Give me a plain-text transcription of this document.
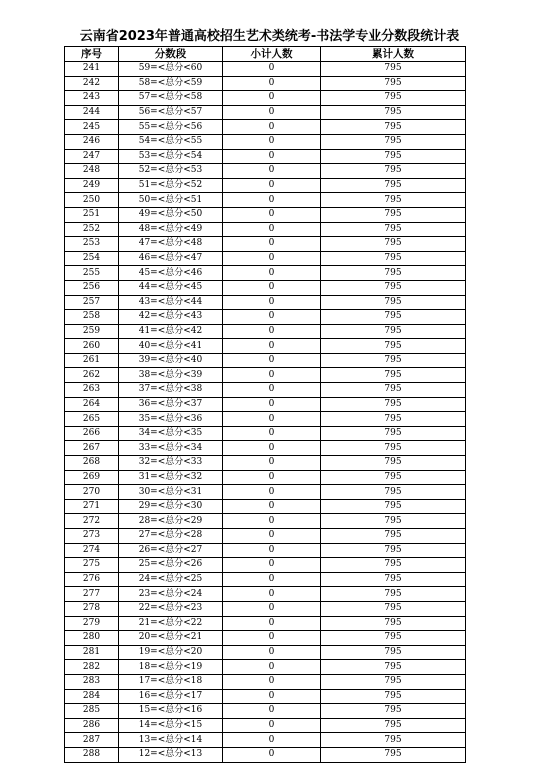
云南省2023年普通高校招生艺术类统考-书法学专业分数段统计表
序号	分数段	小计人数	累计人数
241	59=<总分<60	0	795
242	58=<总分<59	0	795
243	57=<总分<58	0	795
244	56=<总分<57	0	795
245	55=<总分<56	0	795
246	54=<总分<55	0	795
247	53=<总分<54	0	795
248	52=<总分<53	0	795
249	51=<总分<52	0	795
250	50=<总分<51	0	795
251	49=<总分<50	0	795
252	48=<总分<49	0	795
253	47=<总分<48	0	795
254	46=<总分<47	0	795
255	45=<总分<46	0	795
256	44=<总分<45	0	795
257	43=<总分<44	0	795
258	42=<总分<43	0	795
259	41=<总分<42	0	795
260	40=<总分<41	0	795
261	39=<总分<40	0	795
262	38=<总分<39	0	795
263	37=<总分<38	0	795
264	36=<总分<37	0	795
265	35=<总分<36	0	795
266	34=<总分<35	0	795
267	33=<总分<34	0	795
268	32=<总分<33	0	795
269	31=<总分<32	0	795
270	30=<总分<31	0	795
271	29=<总分<30	0	795
272	28=<总分<29	0	795
273	27=<总分<28	0	795
274	26=<总分<27	0	795
275	25=<总分<26	0	795
276	24=<总分<25	0	795
277	23=<总分<24	0	795
278	22=<总分<23	0	795
279	21=<总分<22	0	795
280	20=<总分<21	0	795
281	19=<总分<20	0	795
282	18=<总分<19	0	795
283	17=<总分<18	0	795
284	16=<总分<17	0	795
285	15=<总分<16	0	795
286	14=<总分<15	0	795
287	13=<总分<14	0	795
288	12=<总分<13	0	795
